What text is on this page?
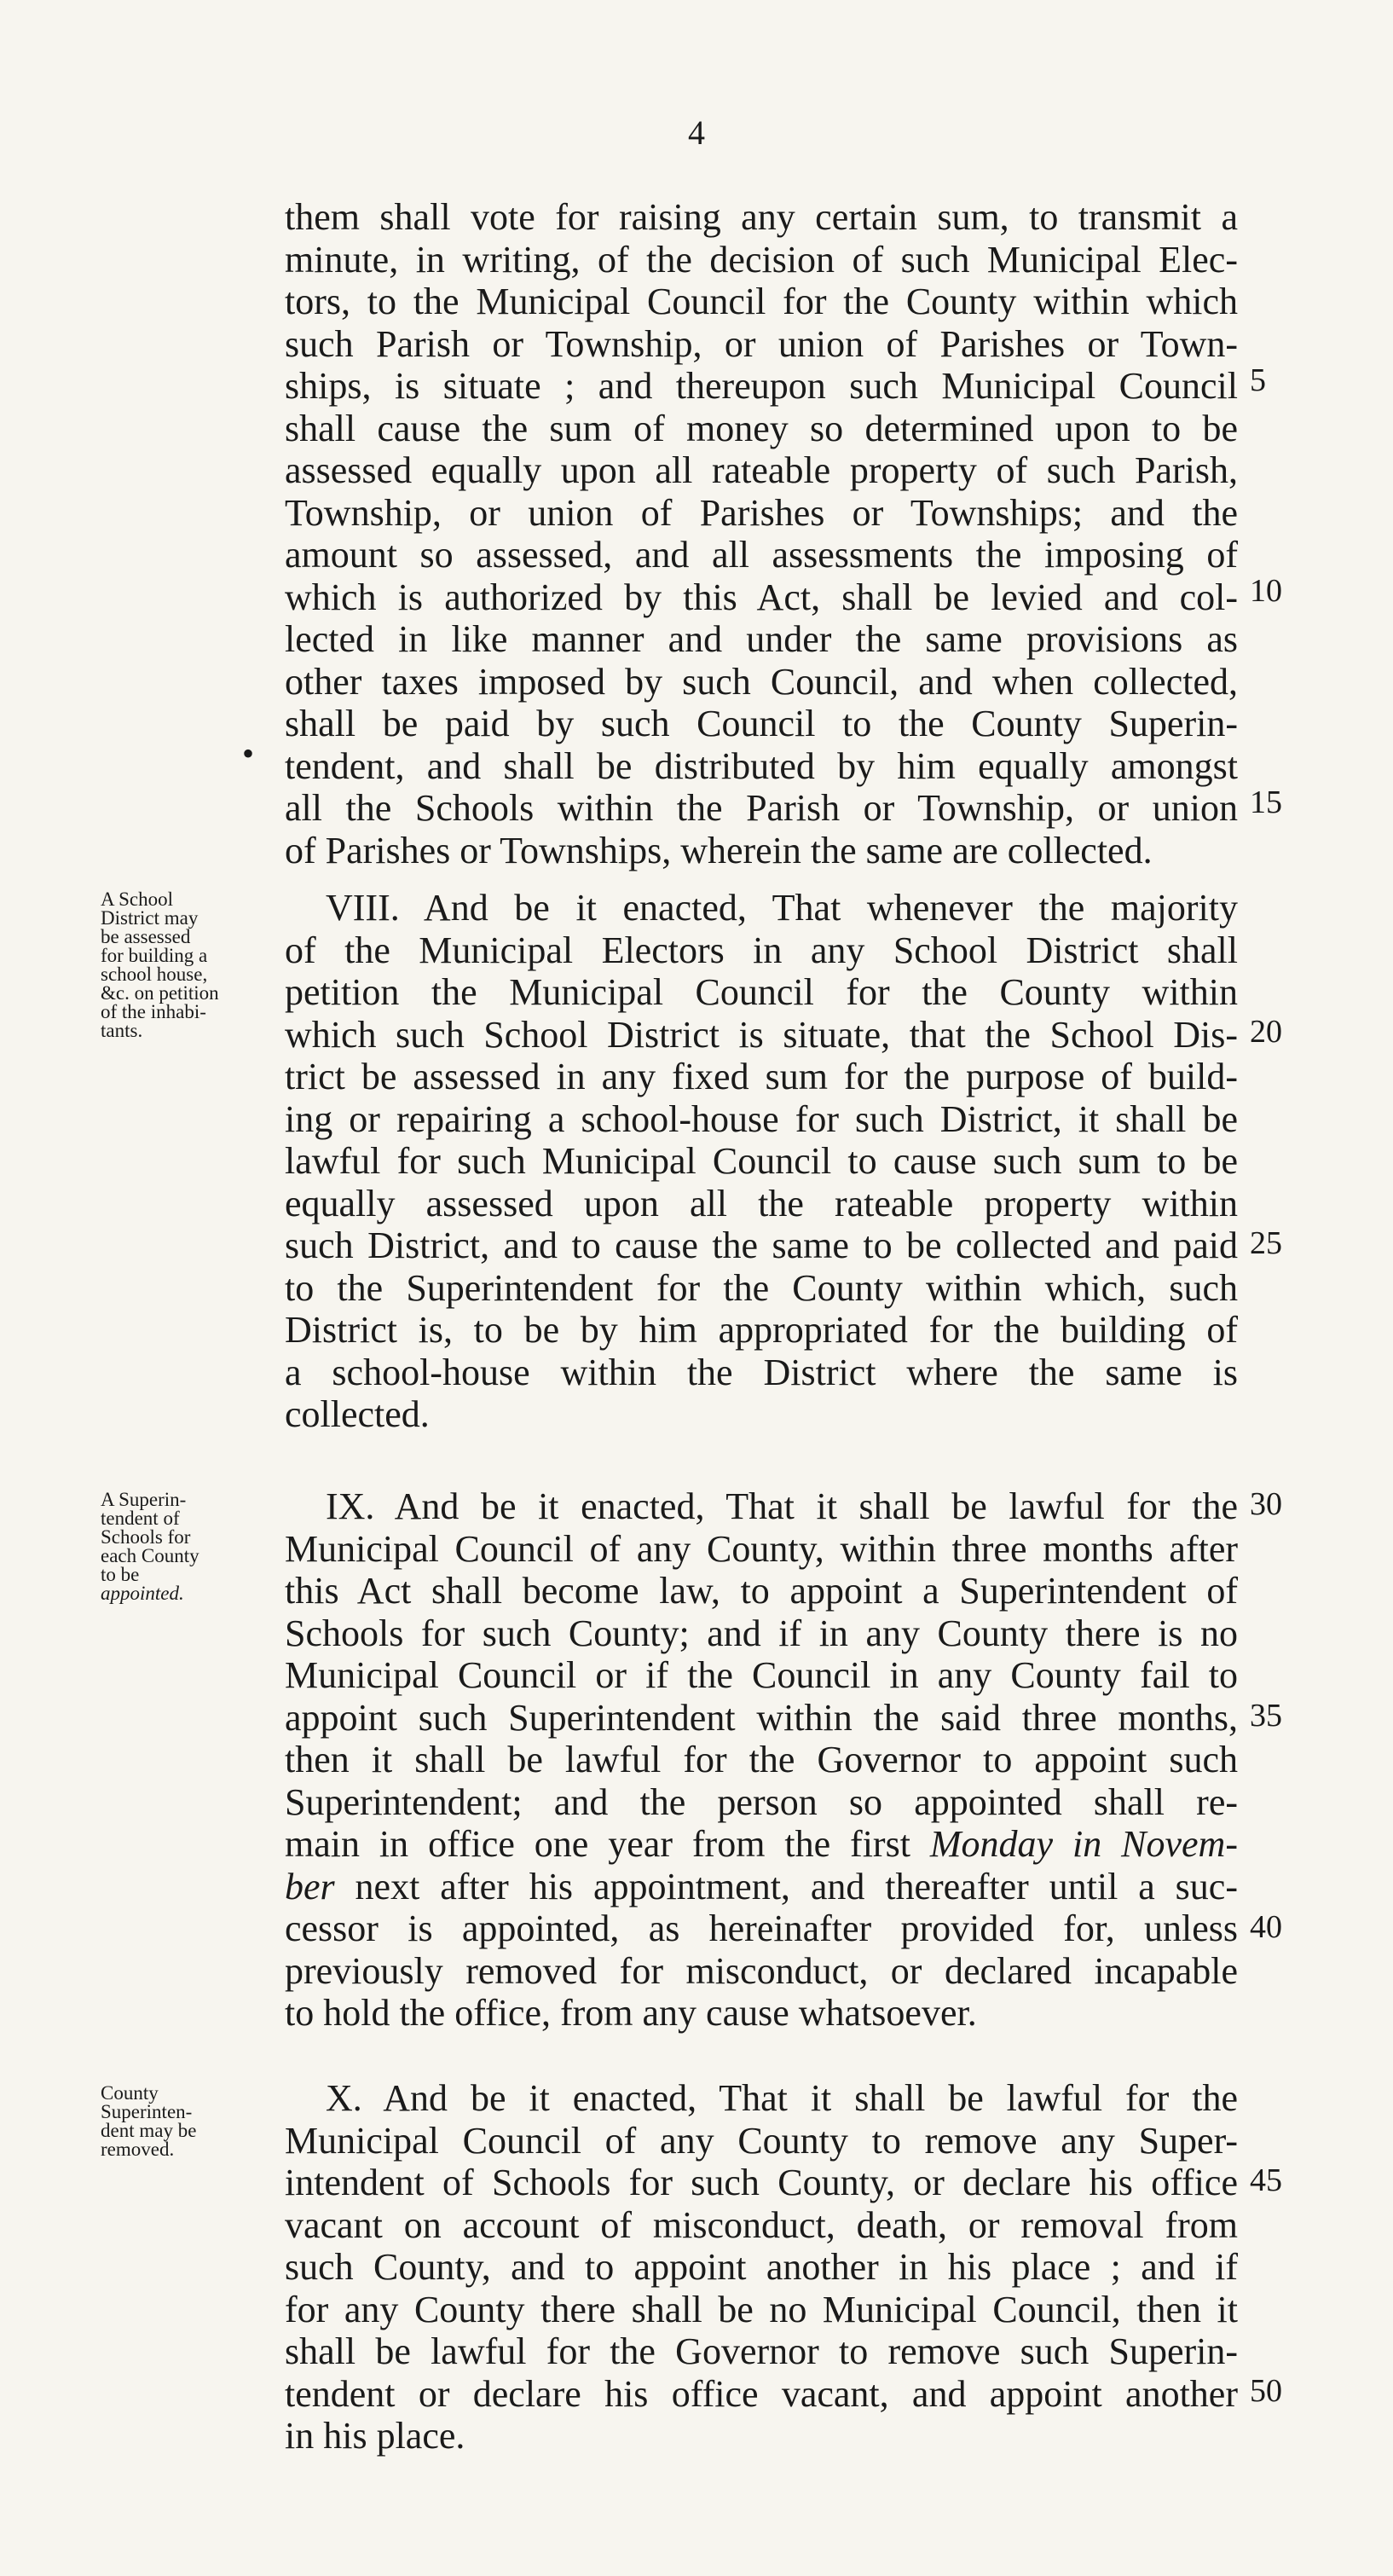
4
them shall vote for raising any certain sum, to transmit a
minute, in writing, of the decision of such Municipal Elec-
tors, to the Municipal Council for the County within which
such Parish or Township, or union of Parishes or Town-
ships, is situate ; and thereupon such Municipal Council
shall cause the sum of money so determined upon to be
assessed equally upon all rateable property of such Parish,
Township, or union of Parishes or Townships; and the
amount so assessed, and all assessments the imposing of
which is authorized by this Act, shall be levied and col-
lected in like manner and under the same provisions as
other taxes imposed by such Council, and when collected,
shall be paid by such Council to the County Superin-
tendent, and shall be distributed by him equally amongst
all the Schools within the Parish or Township, or union
of Parishes or Townships, wherein the same are collected.
•
A School
District may
be assessed
for building a
school house,
&c. on petition
of the inhabi-
tants.
VIII. And be it enacted, That whenever the majority
of the Municipal Electors in any School District shall
petition the Municipal Council for the County within
which such School District is situate, that the School Dis-
trict be assessed in any fixed sum for the purpose of build-
ing or repairing a school-house for such District, it shall be
lawful for such Municipal Council to cause such sum to be
equally assessed upon all the rateable property within
such District, and to cause the same to be collected and paid
to the Superintendent for the County within which, such
District is, to be by him appropriated for the building of
a school-house within the District where the same is
collected.
A Superin-
tendent of
Schools for
each County
to be
appointed.
IX. And be it enacted, That it shall be lawful for the
Municipal Council of any County, within three months after
this Act shall become law, to appoint a Superintendent of
Schools for such County; and if in any County there is no
Municipal Council or if the Council in any County fail to
appoint such Superintendent within the said three months,
then it shall be lawful for the Governor to appoint such
Superintendent; and the person so appointed shall re-
main in office one year from the first Monday in Novem-
ber next after his appointment, and thereafter until a suc-
cessor is appointed, as hereinafter provided for, unless
previously removed for misconduct, or declared incapable
to hold the office, from any cause whatsoever.
County
Superinten-
dent may be
removed.
X. And be it enacted, That it shall be lawful for the
Municipal Council of any County to remove any Super-
intendent of Schools for such County, or declare his office
vacant on account of misconduct, death, or removal from
such County, and to appoint another in his place ; and if
for any County there shall be no Municipal Council, then it
shall be lawful for the Governor to remove such Superin-
tendent or declare his office vacant, and appoint another
in his place.
5
10
15
20
25
30
35
40
45
50
